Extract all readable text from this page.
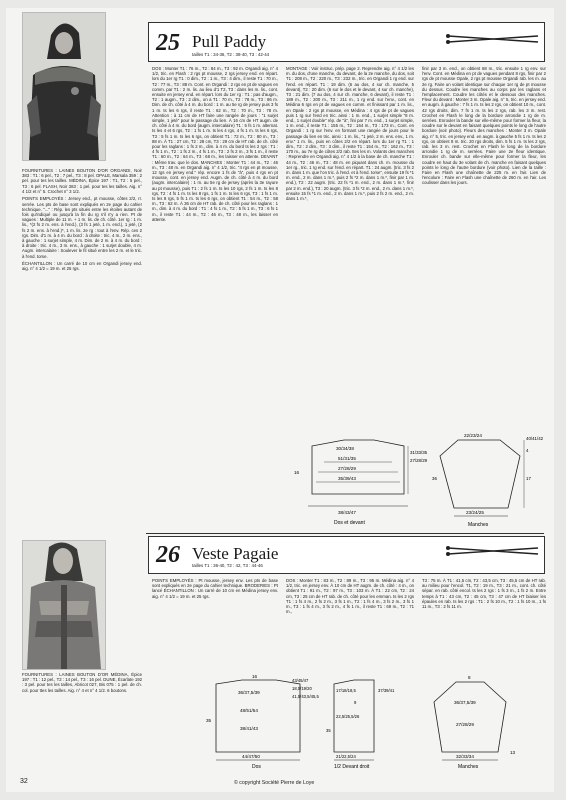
25 Pull Paddy
tailles T1 : 34-36, T2 : 38-40, T3 : 42-44

FOURNITURES : LAINES BOUTON D'OR ORGANDI, Noir 383 : T1 : 6 pel., T2 : 7 pel., T3 : 8 pel. OPALE, Marsala 359 : 2 pel. pour tes les tailles. MÉDINA, Épice 197 : T1, T2 : 5 pel., T3 : 6 pel. FLASH, Noir 383 : 1 pel. pour tes les tailles. Aig. n° 4 1/2 et n° 5. Crochet n° 3 1/2.

POINTS EMPLOYÉS : Jersey end., pt mousse, côtes 2/2, rr. serrée. Les pts de base sont expliqués en 2e page du cahier technique. "..." : Rép. les pts situés entre les étoiles autant de fois qu'indiqué ou jusqu'à la fin du rg s'il n'y a rien. Pt de vagues : Multiple de 11 m. + 1 m. lis. de ch. côté. 1er rg : 1 m. lis., *(2 fs 2 m. ens. à l'end.), (3 fs 1 jeté, 1 m. end.), 1 jeté, (2 fs 2 m. ens. à l'end.)*, 1 m. lis. 2e rg : tout à l'env. Rép. ces 2 rgs. Dim. d'1 m. à 4 m. du bord : à droite : tric. 4 m., 2 m. ens., à gauche : 1 surjet simple, 4 m. Dim. de 2 m. à 4 m. du bord : à droite : tric. 4 m., 3 m. ens., à gauche : 1 surjet double, 4 m. Augm. intercalaire : Soulever le fil situé entre les 2 m. et le tric. à l'end. torse.

ÉCHANTILLON : Un carré de 10 cm en Organdi jersey end. aig. n° 4 1/2 = 19 m. et 25 rgs.

DOS : Monter T1 : 76 m., T2 : 84 m., T3 : 92 m. Organdi aig. n° 4 1/2, tric. en Flash : 2 rgs pt mousse, 2 rgs jersey end. en répart. lors du 1er rg T1 : 0 dim., T2 : 1 m., T3 : 4 dim., il reste T1 : 70 m., T2 : 77 m., T3 : 88 m. Cont. en Organdi : 2 rgs en pt de vagues en comm. par T1 : 2 m. lis. au lieu d'1 T2, T3 : dans les m. lis., cont. ensuite en jersey end. en répart. lors du 1er rg : T1 : pas d'augm., T2 : 1 augm., T3 : 2 dim., on a T1 : 70 m., T2 : 78 m., T3 : 86 m. Dim. de ch. côté à 4 m. du bord : 1 m. au 5e rg de jersey puis 3 fs 1 m. ts les 6 rgs, il reste T1 : 62 m., T2 : 70 m., T3 : 78 m. Attention : à 11 cm de HT faire une rangée de jours : "1 surjet simple, 1 jeté" pour le passage du lien. À 16 cm de HT augm. de ch. côté à 4 m. du bord (augm. intercalaire) T1 : 5 fs 1 m. alternat. ts les 4 et 6 rgs, T2 : 1 fs 1 m. ts les 4 rgs, 4 fs 1 m. ts les 6 rgs, T3 : 5 fs 1 m. ts les 6 rgs, on obtient T1 : 72 m., T2 : 80 m., T3 : 88 m. À T1 : 27 cm, T2 : 28 cm, T3 : 29 cm de HT rab. de ch. côté pour les raglans : 1 fs 2 m., dim. à 4 m. du bord ts les 2 rgs : T1 : 4 fs 1 m., T2 : 1 fs 2 m., 4 fs 1 m., T3 : 2 fs 2 m., 3 fs 1 m., il reste T1 : 60 m., T2 : 64 m., T3 : 68 m., les laisser en attente. DEVANT : Même trav. que le dos. MANCHES : Monter T1 : 44 m., T2 : 46 m., T3 : 48 m. en Organdi aig. n° 4 1/2, tric. "4 rgs en pt mousse, 12 rgs en jersey end." rép. encore 1 fs de "à", puis 4 rgs en pt mousse, cont. en jersey end. Augm. de ch. côté à 4 m. du bord (augm. intercalaire) : 1 m. au 5e rg de jersey (après la 3e rayure au pt mousse), puis T1 : 2 fs 1 m. ts les 10 rgs, 2 fs 1 m. ts les 8 rgs, T2 : 4 fs 1 m. ts les 8 rgs, 1 fs 1 m. ts les 6 rgs, T3 : 1 fs 1 m. ts les 8 rgs, 5 fs 1 m. ts les 6 rgs, on obtient T1 : 54 m., T2 : 58 m., T3 : 62 m. À 36 cm de HT rab. de ch. côté pour les raglans : 1 m., dim. à 4 m. du bord : T1 : 4 fs 1 m., T2 : 5 fs 1 m., T3 : 6 fs 1 m., il reste T1 : 44 m., T2 : 46 m., T3 : 48 m., les laisser en attente.

MONTAGE : Voir instruc. prép. page 2. Reprendre aig. n° 4 1/2 les m. du dos, d'une manche, du devant, de la 2e manche, du dos, soit T1 : 208 m., T2 : 220 m., T3 : 232 m., tric. en Organdi 1 rg end. sur l'end. en répart. T1 : 19 dim. (6 au dos, 4 sur ch. manche, 5 devant), T2 : 20 dim. (6 sur le dos et le devant, 4 sur ch. manche), T3 : 21 dim. (7 au dos, 4 sur ch. manche, 6 devant), il reste T1 : 189 m., T2 : 200 m., T3 : 211 m., 1 rg end. sur l'env., cont. en Médina 6 rgs en pt de vagues en comm. et finissant par 1 m. lis., en Opale : 2 rgs pt mousse, en Médina : 4 rgs de pt de vagues puis 1 rg sur l'end en tric. ainsi : 1 m. end., 1 surjet simple "8 m. end., 1 surjet double" rép. de "à", fini par 7 m. end., 1 surjet simple, 1 m. end., il reste T1 : 155 m., T2 : 164 m., T3 : 173 m., Cont. en Organdi : 1 rg sur l'env. en formant une rangée de jours pour le passage du lien en tric. ainsi : 1 m. lis., "1 jeté, 2 m. ens. env., 1 m. env." 1 m. lis., puis en côtes 2/2 en répart. lors du 1er rg T1 : 1 dim., T2 : 2 dim., T3 : 3 dim., il reste T1 : 154 m., T2 : 162 m., T3 : 170 m., au 7e rg de côtes 2/2 rab. ttes les m. Volants des manches : Reprendre en Organdi aig. n° 4 1/2 à la base de ch. manche T1 : 44 m., T2 : 46 m., T3 : 48 m. en piquant dans ch. m. mousse du 1er rg., tric. 1 rg end. sur l'end. en répart. T1 : 24 augm. (tric. 3 fs 2 m. dans 1 m. que l'on tric. à l'end. et à l'end. torse", ensuite 19 fs *1 m. end., 2 m. dans 1 m.*, puis 2 fs *2 m. dans 1 m.*, finir par 1 m. end.), T2 : 22 augm. (tric. 22 fs *1 m. end., 2 m. dans 1 m.*, finir par 2 m. end.), T3 : 20 augm. (tric. 3 fs *2 m. end., 2 m. dans 1 m.*, ensuite 15 fs *1 m. end., 2 m. dans 1 m.*, puis 2 fs 2 m. end., 2 m. dans 1 m.*,

finir par 3 m. end., on obtient 68 m., tric. ensuite 1 rg env. sur l'env. Cont. en Médina en pt de vagues pendant 8 rgs, finir par 2 rgs de pt mousse Opale, 2 rgs pt mousse Organdi rab. les m. au 2e rg. Faire un volant identique sur chaque 1er rg de pt mousse du dessus. Coudre les manches au corps par les raglans et l'emplacement. Coudre les côtés et le dessous des manches. Fleur du devant : Monter 3 m. Opale aig. n° 5, tric. en jersey end. en augm. à gauche : 7 fs 1 m. ts les 2 rgs, on obtient 10 m., cont. 42 rgs droits, dim. 7 fs 1 m. ts les 2 rgs, rab. les 3 m. rest. Crochet en Flash le long de la bordure arrondie 1 rg de m. serrées. Enrouler la bande sur elle-même pour former la fleur, la coudre sur le devant en faisant quelques points le long de l'autre bordure (voir photo). Fleurs des manches : Monter 3 m. Opale aig. n° 5, tric. en jersey end. en augm. à gauche 5 fs 1 m. ts les 2 rgs, on obtient 8 m. tric. 20 rgs droits, dim. 5 fs 1 m. ts les 2 rgs, rab. les 3 m. rest. Crochet en Flash le long de la bordure arrondie 1 rg de m. serrées. Faire une 2e fleur identique. Enrouler ch. bande sur elle-même pour former la fleur, les coudre en haut du 3e volant de ch. manche en faisant quelques points le long de l'autre bordure (voir photo). Lien de la taille : Faire en Flash une chaînette de 225 m. en l'air. Lien de l'encolure : Faire en Flash une chaînette de 260 m. en l'air. Les coulisser dans les jours.

30/34/38
51/31/35
27/28/29
35/39/43
16
31/33/35
27/28/29
38/43/47
Dos et devant
22/23/24
40/41/42
4
36	17
23/24/25
Manches
26 Veste Pagaie
tailles T1 : 36-40, T2 : 42, T3 : 44-46

FOURNITURES : LAINES BOUTON D'OR MÉDINA, Épice 197 : T1 : 12 pel., T2 : 14 pel., T3 : 16 pel. DUNE, Écarlate 192 : 3 pel. pour tes les tailles, Abricot 027, Bis 075 : 1 pel. de ch. col. pour ttes les tailles. Aig. n° 4 et n° 4 1/2. 6 boutons.

POINTS EMPLOYÉS : Pt mousse, jersey env. Les pts de base sont expliqués en 2e page du cahier technique. BRODERIES : Pt lancé ÉCHANTILLON : Un carré de 10 cm en Médina jersey env. aig. n° 4 1/2 = 19 m. et 25 rgs.

DOS : Monter T1 : 83 m., T2 : 89 m., T3 : 95 m. Médina aig. n° 4 1/2, tric. en jersey env. À 10 cm de HT augm. de ch. côté : 4 m., on obtient T1 : 91 m., T2 : 97 m., T3 : 103 m. À T1 : 22 cm, T2 : 24 cm, T3 : 25 cm de HT rab. de ch. côté pour les emman. ts les 2 rgs T1 : 1 fs 4 m., 2 fs 2 m., 3 fs 1 m., T2 : 1 fs 4 m., 3 fs 2 m., 3 fs 1 m., T3 : 1 fs 4 m., 3 fs 2 m., 4 fs 1 m., il reste T1 : 69 m., T2 : 71 m.,

T3 : 75 m. À T1 : 41,5 cm, T2 : 43,5 cm, T3 : 45,5 cm de HT rab. au milieu pour l'encol. T1, T2 : 19 m., T3 : 21 m., cont. ch. côté sépar. en rab. côté encol. ts les 2 rgs : 1 fs 3 m., 1 fs 2 m. Entre temps à T1 : 43 cm, T2 : 45 cm, T3 : 47 cm de HT biaiser les épaules en rab. ts les 2 rgs : T1 : 2 fs 10 m., T2 : 1 fs 10 m., 1 fs 11 m., T3 : 2 fs 11 m.

16
36/37,5/39
48/51/54
38/41/43
35
44/47/50
Dos
43/45/47
18,5/19/20
41,5/43,5/45,5
17/18/18,5
22,5/25,5/26
21/22,5/24
9
35
37/39/41
1/2 Devant droit
8
36/37,5/39
27/28/29
13
32/33/34
Manches
32	© copyright Société Pierre de Loye
